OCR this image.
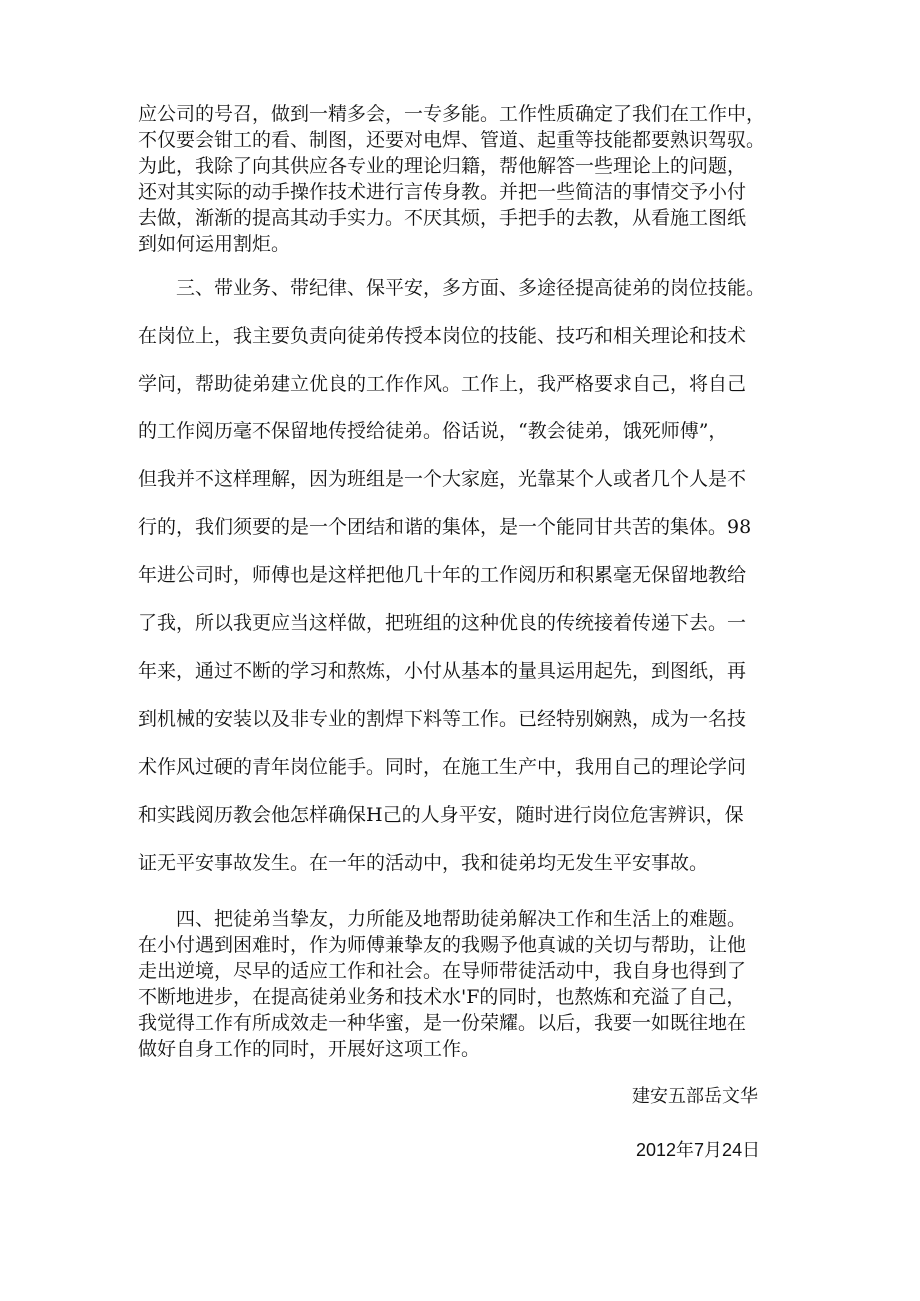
应公司的号召，做到一精多会，一专多能。工作性质确定了我们在工作中，
不仅要会钳工的看、制图，还要对电焊、管道、起重等技能都要熟识驾驭。
为此，我除了向其供应各专业的理论归籍，帮他解答一些理论上的问题，
还对其实际的动手操作技术进行言传身教。并把一些简洁的事情交予小付
去做，渐渐的提高其动手实力。不厌其烦，手把手的去教，从看施工图纸
到如何运用割炬。
三、带业务、带纪律、保平安，多方面、多途径提高徒弟的岗位技能。
在岗位上，我主要负责向徒弟传授本岗位的技能、技巧和相关理论和技术
学问，帮助徒弟建立优良的工作作风。工作上，我严格要求自己，将自己
的工作阅历毫不保留地传授给徒弟。俗话说，“教会徒弟，饿死师傅”，
但我并不这样理解，因为班组是一个大家庭，光靠某个人或者几个人是不
行的，我们须要的是一个团结和谐的集体，是一个能同甘共苦的集体。98
年进公司时，师傅也是这样把他几十年的工作阅历和积累毫无保留地教给
了我，所以我更应当这样做，把班组的这种优良的传统接着传递下去。一
年来，通过不断的学习和熬炼，小付从基本的量具运用起先，到图纸，再
到机械的安装以及非专业的割焊下料等工作。已经特别娴熟，成为一名技
术作风过硬的青年岗位能手。同时，在施工生产中，我用自己的理论学问
和实践阅历教会他怎样确保H己的人身平安，随时进行岗位危害辨识，保
证无平安事故发生。在一年的活动中，我和徒弟均无发生平安事故。
四、把徒弟当挚友，力所能及地帮助徒弟解决工作和生活上的难题。
在小付遇到困难时，作为师傅兼挚友的我赐予他真诚的关切与帮助，让他
走出逆境，尽早的适应工作和社会。在导师带徒活动中，我自身也得到了
不断地进步，在提高徒弟业务和技术水'F的同时，也熬炼和充溢了自己，
我觉得工作有所成效走一种华蜜，是一份荣耀。以后，我要一如既往地在
做好自身工作的同时，开展好这项工作。
建安五部岳文华
2012年7月24日
